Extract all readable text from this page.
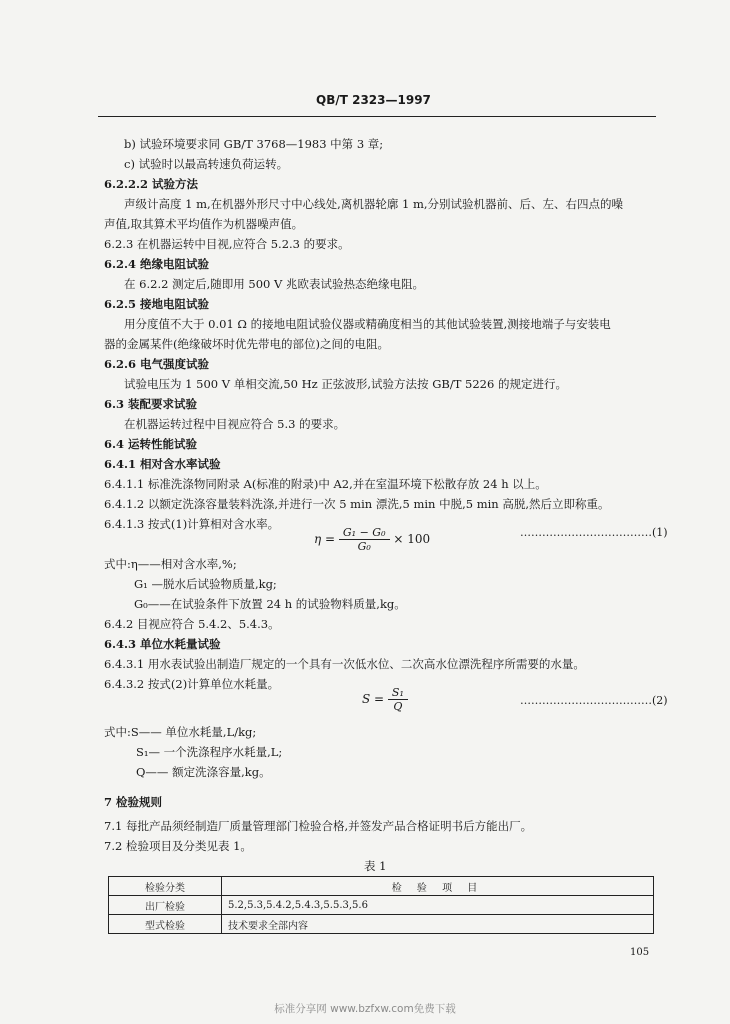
QB/T 2323—1997
b) 试验环境要求同 GB/T 3768—1983 中第 3 章;
c) 试验时以最高转速负荷运转。
6.2.2.2 试验方法
声级计高度 1 m,在机器外形尺寸中心线处,离机器轮廓 1 m,分别试验机器前、后、左、右四点的噪
声值,取其算术平均值作为机器噪声值。
6.2.3 在机器运转中目视,应符合 5.2.3 的要求。
6.2.4 绝缘电阻试验
在 6.2.2 测定后,随即用 500 V 兆欧表试验热态绝缘电阻。
6.2.5 接地电阻试验
用分度值不大于 0.01 Ω 的接地电阻试验仪器或精确度相当的其他试验装置,测接地端子与安装电
器的金属某件(绝缘破坏时优先带电的部位)之间的电阻。
6.2.6 电气强度试验
试验电压为 1 500 V 单相交流,50 Hz 正弦波形,试验方法按 GB/T 5226 的规定进行。
6.3 装配要求试验
在机器运转过程中目视应符合 5.3 的要求。
6.4 运转性能试验
6.4.1 相对含水率试验
6.4.1.1 标准洗涤物同附录 A(标准的附录)中 A2,并在室温环境下松散存放 24 h 以上。
6.4.1.2 以额定洗涤容量装料洗涤,并进行一次 5 min 漂洗,5 min 中脱,5 min 高脱,然后立即称重。
6.4.1.3 按式(1)计算相对含水率。
$\eta = \frac{\text{G₁ − G₀}}{\text{G₀}} \times 100$	………………………………(1)
式中:η——相对含水率,%;
G₁ —脱水后试验物质量,kg;
G₀——在试验条件下放置 24 h 的试验物料质量,kg。
6.4.2 目视应符合 5.4.2、5.4.3。
6.4.3 单位水耗量试验
6.4.3.1 用水表试验出制造厂规定的一个具有一次低水位、二次高水位漂洗程序所需要的水量。
6.4.3.2 按式(2)计算单位水耗量。
$S = \frac{\text{S₁}}{Q}$	………………………………(2)
式中:S—— 单位水耗量,L/kg;
S₁— 一个洗涤程序水耗量,L;
Q—— 额定洗涤容量,kg。
7 检验规则
7.1 每批产品须经制造厂质量管理部门检验合格,并签发产品合格证明书后方能出厂。
7.2 检验项目及分类见表 1。
表 1
检验分类	检 验 项 目
出厂检验	5.2,5.3,5.4.2,5.4.3,5.5.3,5.6
型式检验	技术要求全部内容
105
标准分享网 www.bzfxw.com免费下载
